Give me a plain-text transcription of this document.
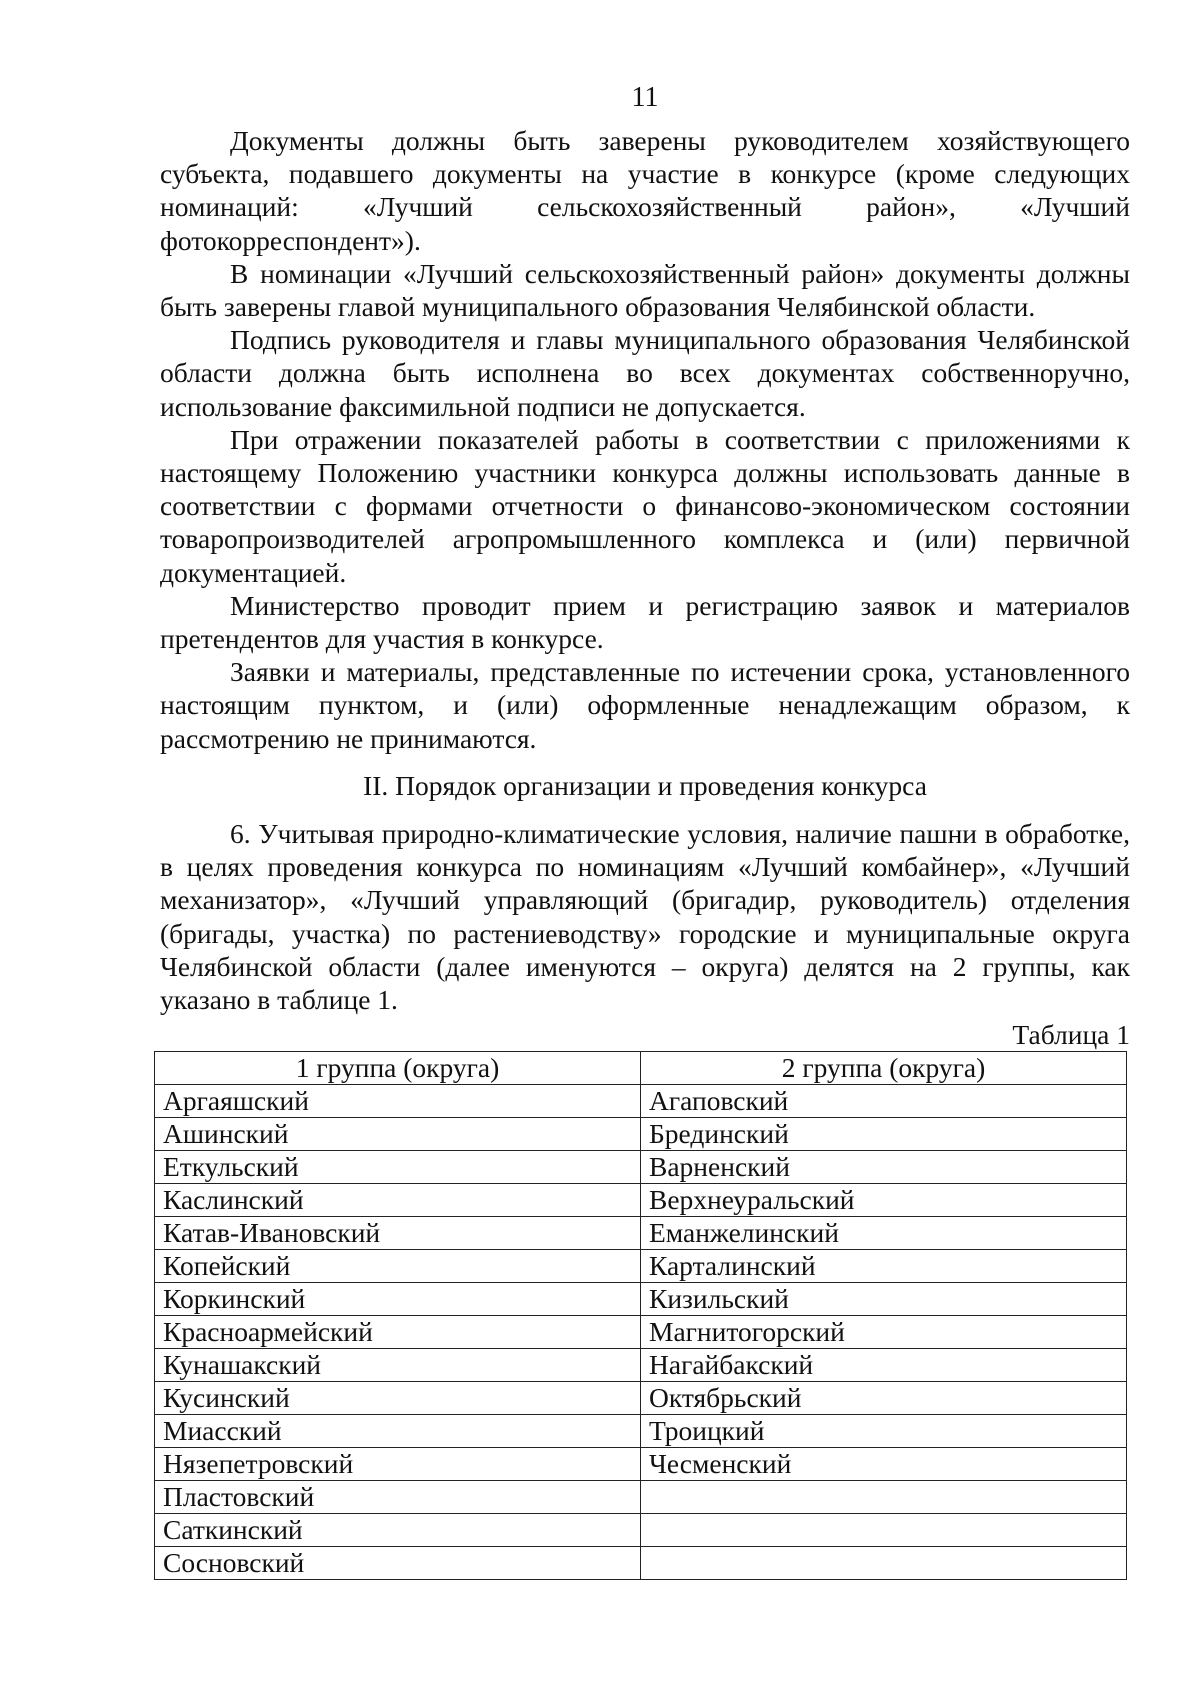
11

Документы должны быть заверены руководителем хозяйствующего субъекта, подавшего документы на участие в конкурсе (кроме следующих номинаций: «Лучший сельскохозяйственный район», «Лучший фотокорреспондент»).

В номинации «Лучший сельскохозяйственный район» документы должны быть заверены главой муниципального образования Челябинской области.

Подпись руководителя и главы муниципального образования Челябинской области должна быть исполнена во всех документах собственноручно, использование факсимильной подписи не допускается.

При отражении показателей работы в соответствии с приложениями к настоящему Положению участники конкурса должны использовать данные в соответствии с формами отчетности о финансово-экономическом состоянии товаропроизводителей агропромышленного комплекса и (или) первичной документацией.

Министерство проводит прием и регистрацию заявок и материалов претендентов для участия в конкурсе.

Заявки и материалы, представленные по истечении срока, установленного настоящим пунктом, и (или) оформленные ненадлежащим образом, к рассмотрению не принимаются.

II. Порядок организации и проведения конкурса

6. Учитывая природно-климатические условия, наличие пашни в обработке, в целях проведения конкурса по номинациям «Лучший комбайнер», «Лучший механизатор», «Лучший управляющий (бригадир, руководитель) отделения (бригады, участка) по растениеводству» городские и муниципальные округа Челябинской области (далее именуются – округа) делятся на 2 группы, как указано в таблице 1.

Таблица 1

1 группа (округа)	2 группа (округа)
Аргаяшский	Агаповский
Ашинский	Брединский
Еткульский	Варненский
Каслинский	Верхнеуральский
Катав-Ивановский	Еманжелинский
Копейский	Карталинский
Коркинский	Кизильский
Красноармейский	Магнитогорский
Кунашакский	Нагайбакский
Кусинский	Октябрьский
Миасский	Троицкий
Нязепетровский	Чесменский
Пластовский	
Саткинский	
Сосновский	
